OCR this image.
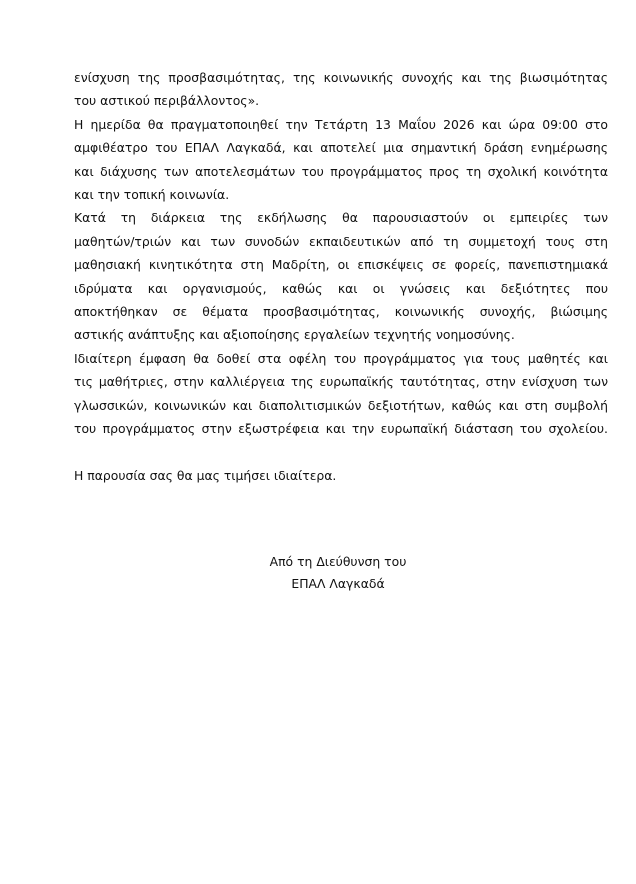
ενίσχυση της προσβασιμότητας, της κοινωνικής συνοχής και της βιωσιμότητας
του αστικού περιβάλλοντος».
Η ημερίδα θα πραγματοποιηθεί την Τετάρτη 13 Μαΐου 2026 και ώρα 09:00 στο
αμφιθέατρο του ΕΠΑΛ Λαγκαδά, και αποτελεί μια σημαντική δράση ενημέρωσης
και διάχυσης των αποτελεσμάτων του προγράμματος προς τη σχολική κοινότητα
και την τοπική κοινωνία.
Κατά τη διάρκεια της εκδήλωσης θα παρουσιαστούν οι εμπειρίες των
μαθητών/τριών και των συνοδών εκπαιδευτικών από τη συμμετοχή τους στη
μαθησιακή κινητικότητα στη Μαδρίτη, οι επισκέψεις σε φορείς, πανεπιστημιακά
ιδρύματα και οργανισμούς, καθώς και οι γνώσεις και δεξιότητες που
αποκτήθηκαν σε θέματα προσβασιμότητας, κοινωνικής συνοχής, βιώσιμης
αστικής ανάπτυξης και αξιοποίησης εργαλείων τεχνητής νοημοσύνης.
Ιδιαίτερη έμφαση θα δοθεί στα οφέλη του προγράμματος για τους μαθητές και
τις μαθήτριες, στην καλλιέργεια της ευρωπαϊκής ταυτότητας, στην ενίσχυση των
γλωσσικών, κοινωνικών και διαπολιτισμικών δεξιοτήτων, καθώς και στη συμβολή
του προγράμματος στην εξωστρέφεια και την ευρωπαϊκή διάσταση του σχολείου.
Η παρουσία σας θα μας τιμήσει ιδιαίτερα.
Από τη Διεύθυνση του
ΕΠΑΛ Λαγκαδά
